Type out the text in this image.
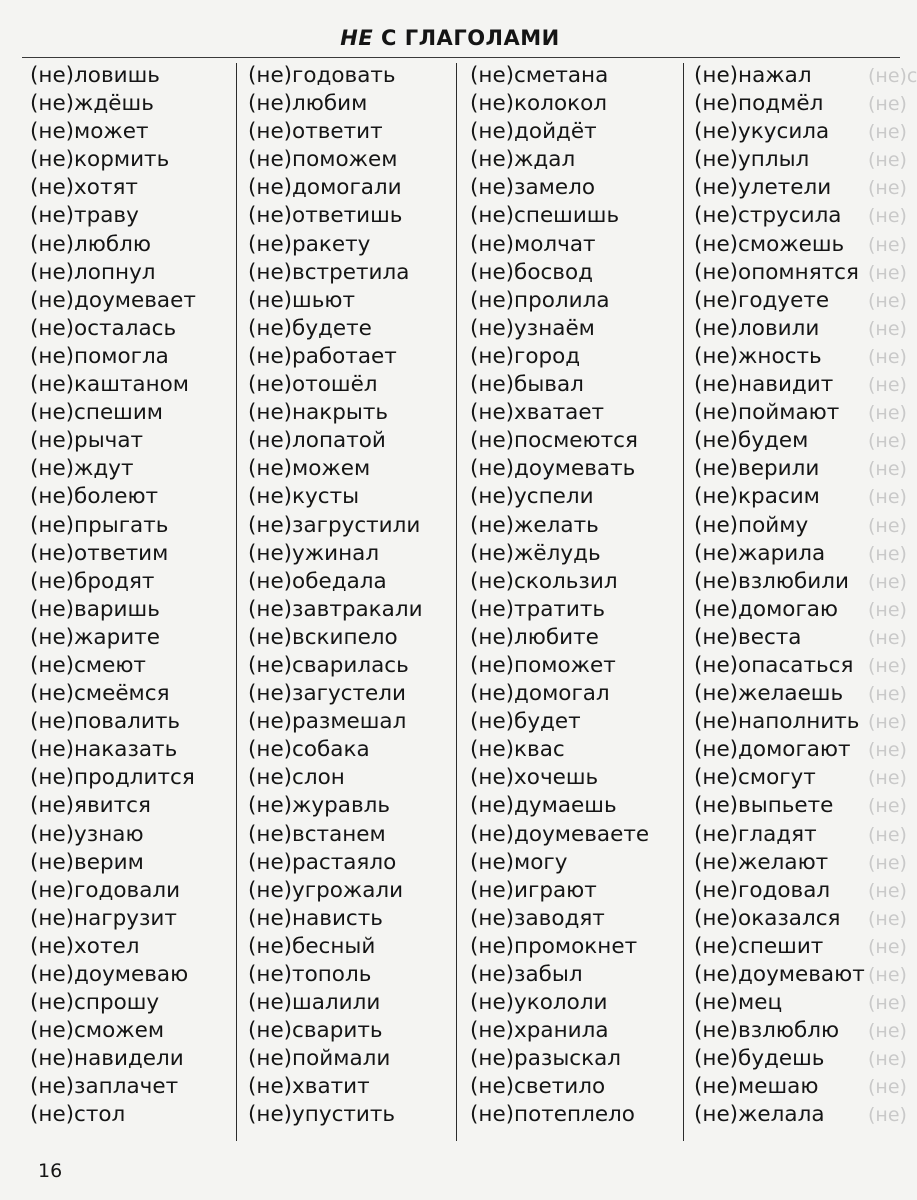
НЕ С ГЛАГОЛАМИ
(не)ловишь
(не)ждёшь
(не)может
(не)кормить
(не)хотят
(не)траву
(не)люблю
(не)лопнул
(не)доумевает
(не)осталась
(не)помогла
(не)каштаном
(не)спешим
(не)рычат
(не)ждут
(не)болеют
(не)прыгать
(не)ответим
(не)бродят
(не)варишь
(не)жарите
(не)смеют
(не)смеёмся
(не)повалить
(не)наказать
(не)продлится
(не)явится
(не)узнаю
(не)верим
(не)годовали
(не)нагрузит
(не)хотел
(не)доумеваю
(не)спрошу
(не)сможем
(не)навидели
(не)заплачет
(не)стол
(не)годовать
(не)любим
(не)ответит
(не)поможем
(не)домогали
(не)ответишь
(не)ракету
(не)встретила
(не)шьют
(не)будете
(не)работает
(не)отошёл
(не)накрыть
(не)лопатой
(не)можем
(не)кусты
(не)загрустили
(не)ужинал
(не)обедала
(не)завтракали
(не)вскипело
(не)сварилась
(не)загустели
(не)размешал
(не)собака
(не)слон
(не)журавль
(не)встанем
(не)растаяло
(не)угрожали
(не)нависть
(не)бесный
(не)тополь
(не)шалили
(не)сварить
(не)поймали
(не)хватит
(не)упустить
(не)сметана
(не)колокол
(не)дойдёт
(не)ждал
(не)замело
(не)спешишь
(не)молчат
(не)босвод
(не)пролила
(не)узнаём
(не)город
(не)бывал
(не)хватает
(не)посмеются
(не)доумевать
(не)успели
(не)желать
(не)жёлудь
(не)скользил
(не)тратить
(не)любите
(не)поможет
(не)домогал
(не)будет
(не)квас
(не)хочешь
(не)думаешь
(не)доумеваете
(не)могу
(не)играют
(не)заводят
(не)промокнет
(не)забыл
(не)укололи
(не)хранила
(не)разыскал
(не)светило
(не)потеплело
(не)нажал
(не)подмёл
(не)укусила
(не)уплыл
(не)улетели
(не)струсила
(не)сможешь
(не)опомнятся
(не)годуете
(не)ловили
(не)жность
(не)навидит
(не)поймают
(не)будем
(не)верили
(не)красим
(не)пойму
(не)жарила
(не)взлюбили
(не)домогаю
(не)веста
(не)опасаться
(не)желаешь
(не)наполнить
(не)домогают
(не)смогут
(не)выпьете
(не)гладят
(не)желают
(не)годовал
(не)оказался
(не)спешит
(не)доумевают
(не)мец
(не)взлюблю
(не)будешь
(не)мешаю
(не)желала
(не)с
(не)
(не)
(не)
(не)
(не)
(не)
(не)
(не)
(не)
(не)
(не)
(не)
(не)
(не)
(не)
(не)
(не)
(не)
(не)
(не)
(не)
(не)
(не)
(не)
(не)
(не)
(не)
(не)
(не)
(не)
(не)
(не)
(не)
(не)
(не)
(не)
(не)
16
